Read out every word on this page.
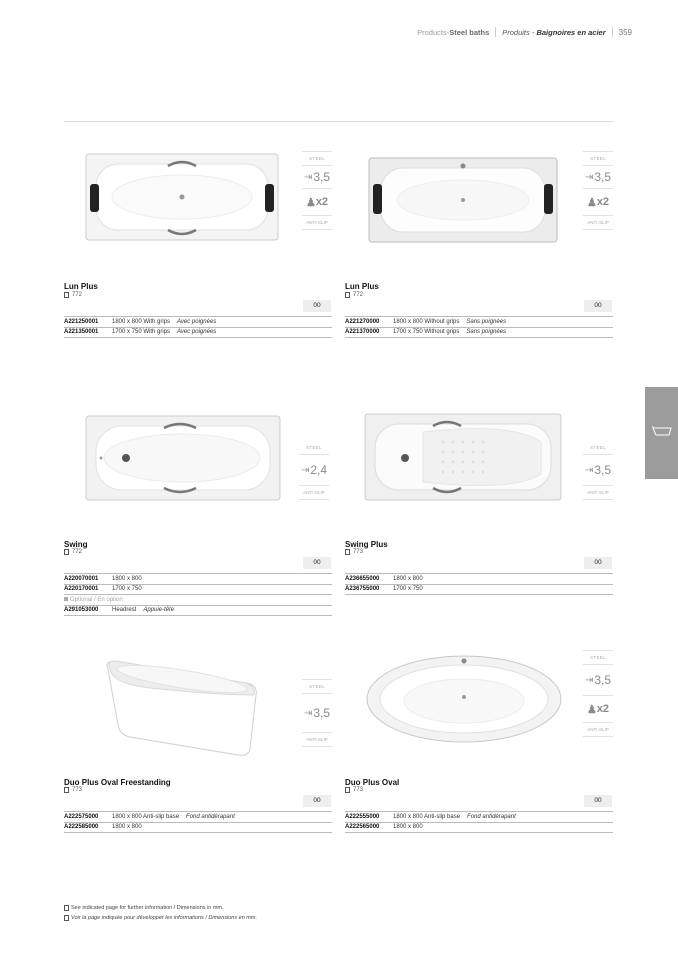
Products - Steel baths Produits - Baignoires en acier 359
STEEL
⇥ 3,5
♟ x2
ANTI-SLIP
Lun Plus
772
00
A221250001	1800 x 800 With grips Avec poignées
A221350001	1700 x 750 With grips Avec poignées
STEEL
⇥ 3,5
♟ x2
ANTI-SLIP
Lun Plus
772
00
A221270000	1800 x 800 Without grips Sans poignées
A221370000	1700 x 750 Without grips Sans poignées
STEEL
⇥ 2,4
ANTI-SLIP
Swing
772
00
A220070001	1800 x 800
A220170001	1700 x 750
Optional / En option
A291053000	Headrest Appuie-tête
STEEL
⇥ 3,5
ANTI-SLIP
Swing Plus
773
00
A236655000	1800 x 800
A236755000	1700 x 750
STEEL
⇥ 3,5
ANTI-SLIP
Duo Plus Oval Freestanding
773
00
A222575000	1800 x 800 Anti-slip base Fond antidérapant
A222585000	1800 x 800
STEEL
⇥ 3,5
♟ x2
ANTI-SLIP
Duo Plus Oval
773
00
A222555000	1800 x 800 Anti-slip base Fond antidérapant
A222565000	1800 x 800
See indicated page for further information / Dimensions in mm.
Voir la page indiquée pour développer les informations / Dimensions en mm.
